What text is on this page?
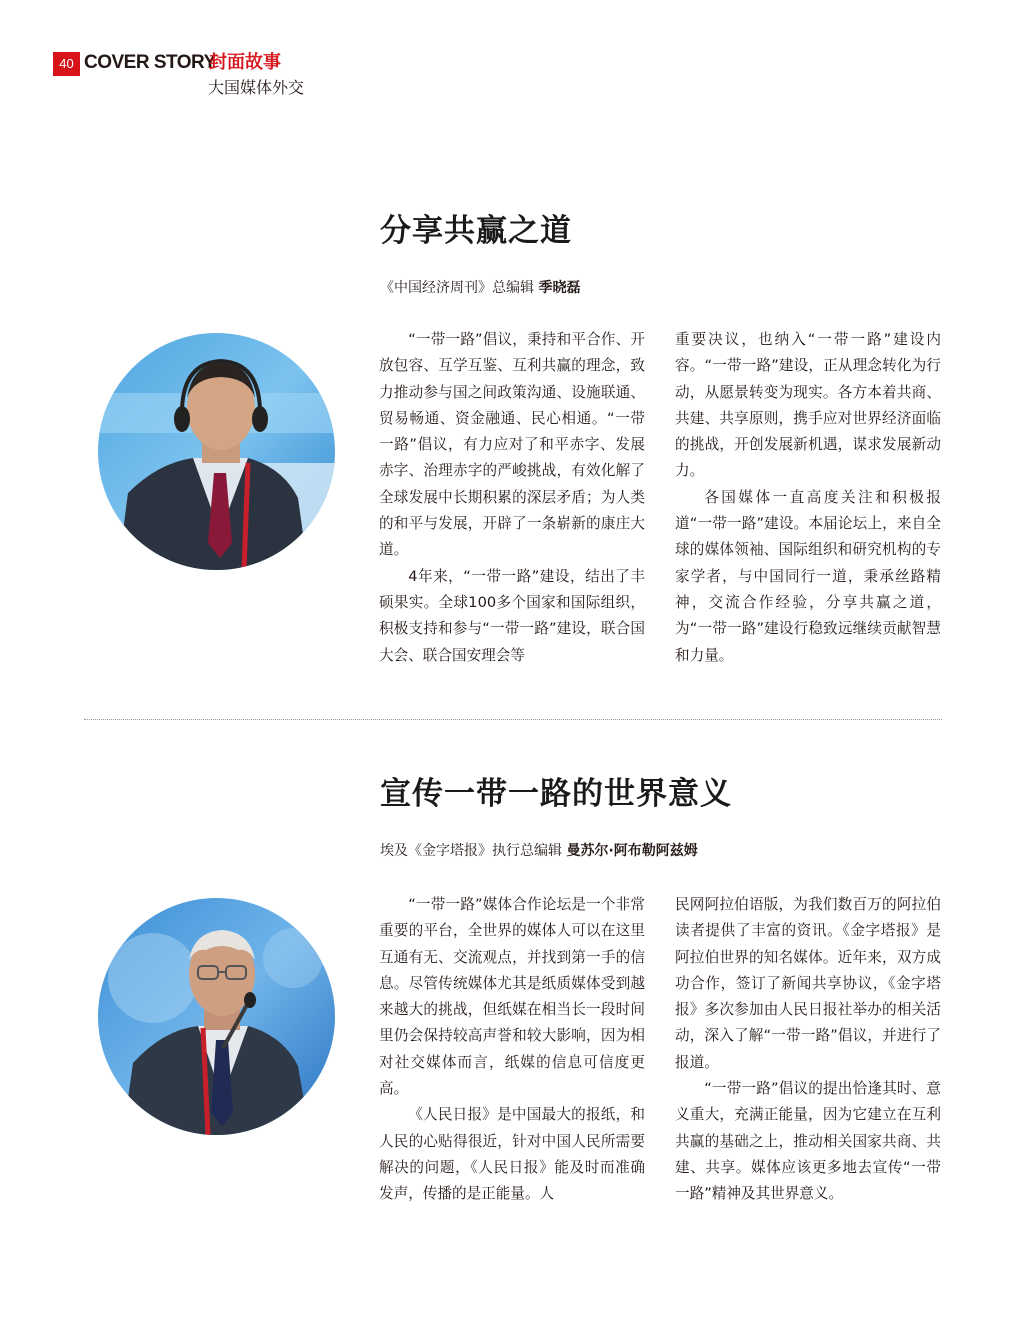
40 COVER STORY
封面故事
大国媒体外交
分享共赢之道
《中国经济周刊》总编辑 季晓磊

“一带一路”倡议，秉持和平合作、开放包容、互学互鉴、互利共赢的理念，致力推动参与国之间政策沟通、设施联通、贸易畅通、资金融通、民心相通。“一带一路”倡议，有力应对了和平赤字、发展赤字、治理赤字的严峻挑战，有效化解了全球发展中长期积累的深层矛盾；为人类的和平与发展，开辟了一条崭新的康庄大道。

4年来，“一带一路”建设，结出了丰硕果实。全球100多个国家和国际组织，积极支持和参与“一带一路”建设，联合国大会、联合国安理会等

重要决议，也纳入“一带一路”建设内容。“一带一路”建设，正从理念转化为行动，从愿景转变为现实。各方本着共商、共建、共享原则，携手应对世界经济面临的挑战，开创发展新机遇，谋求发展新动力。

各国媒体一直高度关注和积极报道“一带一路”建设。本届论坛上，来自全球的媒体领袖、国际组织和研究机构的专家学者，与中国同行一道，秉承丝路精神，交流合作经验，分享共赢之道，为“一带一路”建设行稳致远继续贡献智慧和力量。

宣传一带一路的世界意义
埃及《金字塔报》执行总编辑 曼苏尔·阿布勒阿兹姆

“一带一路”媒体合作论坛是一个非常重要的平台，全世界的媒体人可以在这里互通有无、交流观点，并找到第一手的信息。尽管传统媒体尤其是纸质媒体受到越来越大的挑战，但纸媒在相当长一段时间里仍会保持较高声誉和较大影响，因为相对社交媒体而言，纸媒的信息可信度更高。

《人民日报》是中国最大的报纸，和人民的心贴得很近，针对中国人民所需要解决的问题，《人民日报》能及时而准确发声，传播的是正能量。人

民网阿拉伯语版，为我们数百万的阿拉伯读者提供了丰富的资讯。《金字塔报》是阿拉伯世界的知名媒体。近年来，双方成功合作，签订了新闻共享协议，《金字塔报》多次参加由人民日报社举办的相关活动，深入了解“一带一路”倡议，并进行了报道。

“一带一路”倡议的提出恰逢其时、意义重大，充满正能量，因为它建立在互利共赢的基础之上，推动相关国家共商、共建、共享。媒体应该更多地去宣传“一带一路”精神及其世界意义。
